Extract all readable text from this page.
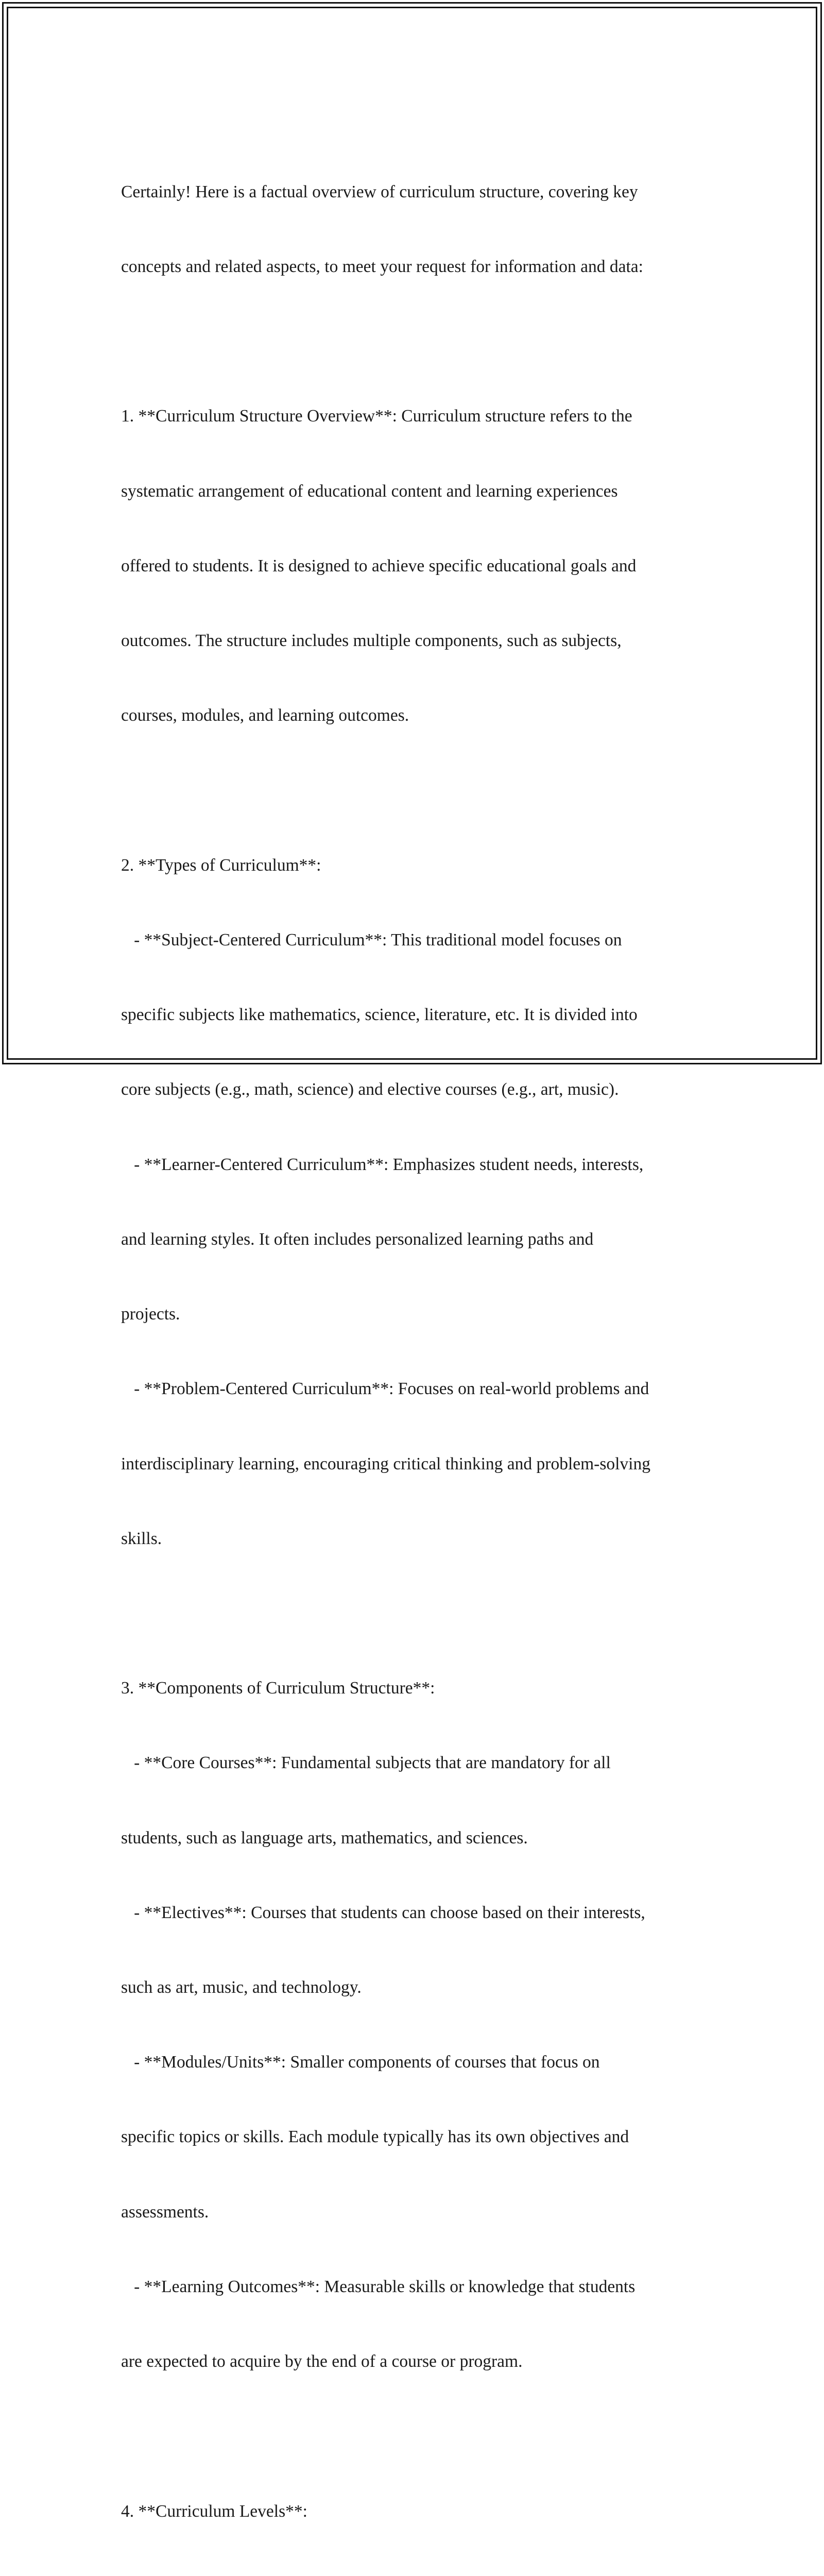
Certainly! Here is a factual overview of curriculum structure, covering key

concepts and related aspects, to meet your request for information and data:

1. **Curriculum Structure Overview**: Curriculum structure refers to the

systematic arrangement of educational content and learning experiences

offered to students. It is designed to achieve specific educational goals and

outcomes. The structure includes multiple components, such as subjects,

courses, modules, and learning outcomes.

2. **Types of Curriculum**:

- **Subject-Centered Curriculum**: This traditional model focuses on

specific subjects like mathematics, science, literature, etc. It is divided into

core subjects (e.g., math, science) and elective courses (e.g., art, music).

- **Learner-Centered Curriculum**: Emphasizes student needs, interests,

and learning styles. It often includes personalized learning paths and

projects.

- **Problem-Centered Curriculum**: Focuses on real-world problems and

interdisciplinary learning, encouraging critical thinking and problem-solving

skills.

3. **Components of Curriculum Structure**:

- **Core Courses**: Fundamental subjects that are mandatory for all

students, such as language arts, mathematics, and sciences.

- **Electives**: Courses that students can choose based on their interests,

such as art, music, and technology.

- **Modules/Units**: Smaller components of courses that focus on

specific topics or skills. Each module typically has its own objectives and

assessments.

- **Learning Outcomes**: Measurable skills or knowledge that students

are expected to acquire by the end of a course or program.

4. **Curriculum Levels**:
